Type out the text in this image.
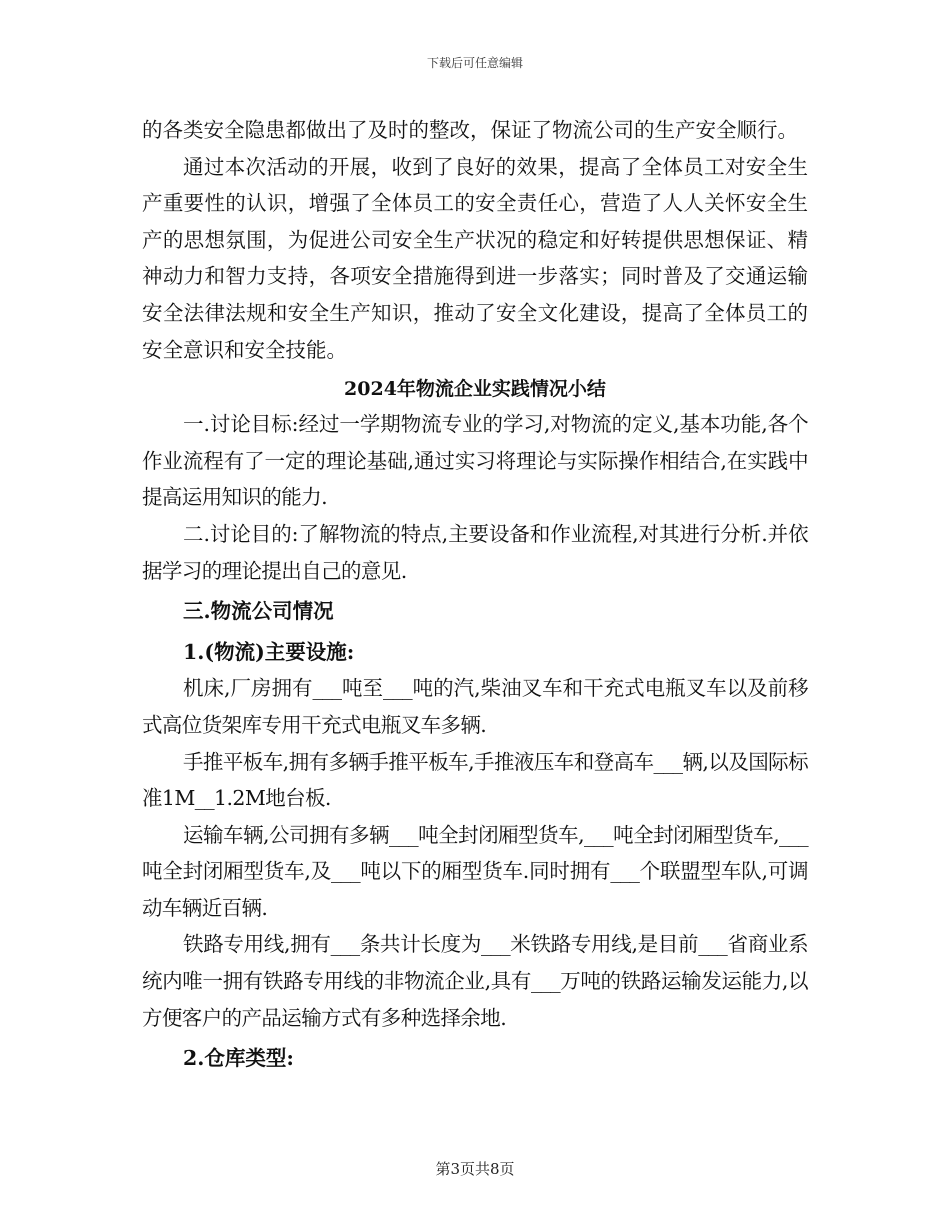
下载后可任意编辑

的各类安全隐患都做出了及时的整改，保证了物流公司的生产安全顺行。

通过本次活动的开展，收到了良好的效果，提高了全体员工对安全生产重要性的认识，增强了全体员工的安全责任心，营造了人人关怀安全生产的思想氛围，为促进公司安全生产状况的稳定和好转提供思想保证、精神动力和智力支持，各项安全措施得到进一步落实；同时普及了交通运输安全法律法规和安全生产知识，推动了安全文化建设，提高了全体员工的安全意识和安全技能。

2024年物流企业实践情况小结

一.讨论目标:经过一学期物流专业的学习,对物流的定义,基本功能,各个作业流程有了一定的理论基础,通过实习将理论与实际操作相结合,在实践中提高运用知识的能力.

二.讨论目的:了解物流的特点,主要设备和作业流程,对其进行分析.并依据学习的理论提出自己的意见.

三.物流公司情况

1.(物流)主要设施:

机床,厂房拥有___吨至___吨的汽,柴油叉车和干充式电瓶叉车以及前移式高位货架库专用干充式电瓶叉车多辆.

手推平板车,拥有多辆手推平板车,手推液压车和登高车___辆,以及国际标准1M__1.2M地台板.

运输车辆,公司拥有多辆___吨全封闭厢型货车,___吨全封闭厢型货车,___吨全封闭厢型货车,及___吨以下的厢型货车.同时拥有___个联盟型车队,可调动车辆近百辆.

铁路专用线,拥有___条共计长度为___米铁路专用线,是目前___省商业系统内唯一拥有铁路专用线的非物流企业,具有___万吨的铁路运输发运能力,以方便客户的产品运输方式有多种选择余地.

2.仓库类型:

第3页共8页
